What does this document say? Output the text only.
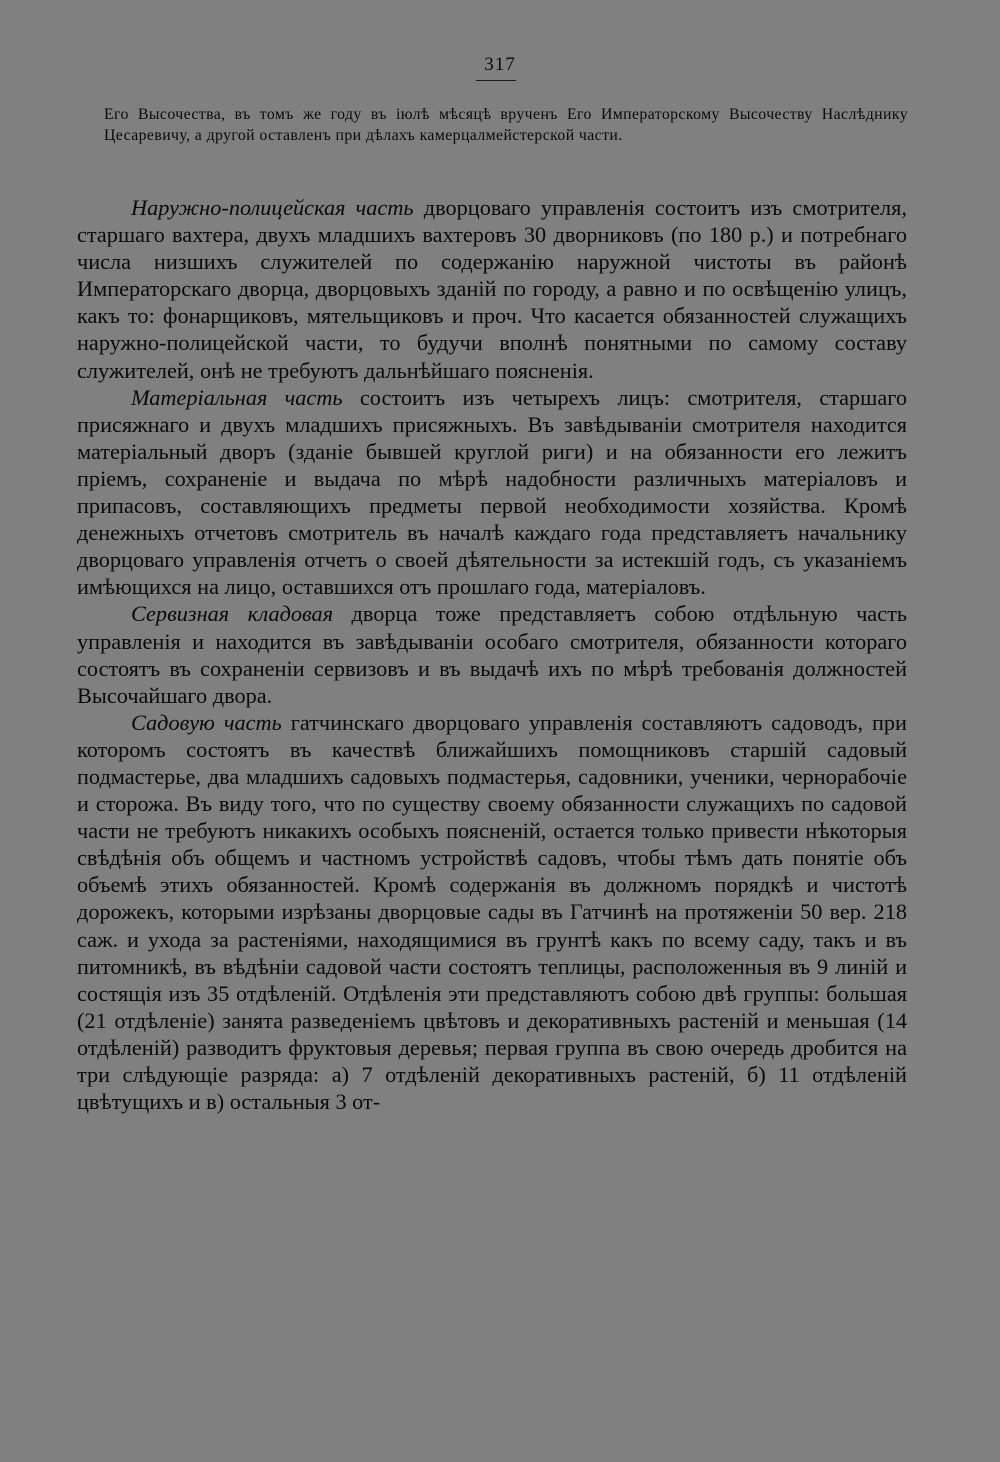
317
Его Высочества, въ томъ же году въ іюлѣ мѣсяцѣ врученъ Его Императорскому Высочеству Наслѣднику Цесаревичу, а другой оставленъ при дѣлахъ камерцалмейстерской части.

Наружно-полицейская часть дворцоваго управленія состоитъ изъ смотрителя, старшаго вахтера, двухъ младшихъ вахтеровъ 30 дворниковъ (по 180 р.) и потребнаго числа низшихъ служителей по содержанію наружной чистоты въ районѣ Императорскаго дворца, дворцовыхъ зданій по городу, а равно и по освѣщенію улицъ, какъ то: фонарщиковъ, мятельщиковъ и проч. Что касается обязанностей служащихъ наружно-полицейской части, то будучи вполнѣ понятными по самому составу служителей, онѣ не требуютъ дальнѣйшаго поясненія.

Матеріальная часть состоитъ изъ четырехъ лицъ: смотрителя, старшаго присяжнаго и двухъ младшихъ присяжныхъ. Въ завѣдываніи смотрителя находится матеріальный дворъ (зданіе бывшей круглой риги) и на обязанности его лежитъ пріемъ, сохраненіе и выдача по мѣрѣ надобности различныхъ матеріаловъ и припасовъ, составляющихъ предметы первой необходимости хозяйства. Кромѣ денежныхъ отчетовъ смотритель въ началѣ каждаго года представляетъ начальнику дворцоваго управленія отчетъ о своей дѣятельности за истекшій годъ, съ указаніемъ имѣющихся на лицо, оставшихся отъ прошлаго года, матеріаловъ.

Сервизная кладовая дворца тоже представляетъ собою отдѣльную часть управленія и находится въ завѣдываніи особаго смотрителя, обязанности котораго состоятъ въ сохраненіи сервизовъ и въ выдачѣ ихъ по мѣрѣ требованія должностей Высочайшаго двора.

Садовую часть гатчинскаго дворцоваго управленія составляютъ садоводъ, при которомъ состоятъ въ качествѣ ближайшихъ помощниковъ старшій садовый подмастерье, два младшихъ садовыхъ подмастерья, садовники, ученики, чернорабочіе и сторожа. Въ виду того, что по существу своему обязанности служащихъ по садовой части не требуютъ никакихъ особыхъ поясненій, остается только привести нѣкоторыя свѣдѣнія объ общемъ и частномъ устройствѣ садовъ, чтобы тѣмъ дать понятіе объ объемѣ этихъ обязанностей. Кромѣ содержанія въ должномъ порядкѣ и чистотѣ дорожекъ, которыми изрѣзаны дворцовые сады въ Гатчинѣ на протяженіи 50 вер. 218 саж. и ухода за растеніями, находящимися въ грунтѣ какъ по всему саду, такъ и въ питомникѣ, въ вѣдѣніи садовой части состоятъ теплицы, расположенныя въ 9 линій и состящія изъ 35 отдѣленій. Отдѣленія эти представляютъ собою двѣ группы: большая (21 отдѣленіе) занята разведеніемъ цвѣтовъ и декоративныхъ растеній и меньшая (14 отдѣленій) разводитъ фруктовыя деревья; первая группа въ свою очередь дробится на три слѣдующіе разряда: а) 7 отдѣленій декоративныхъ растеній, б) 11 отдѣленій цвѣтущихъ и в) остальныя 3 от-
